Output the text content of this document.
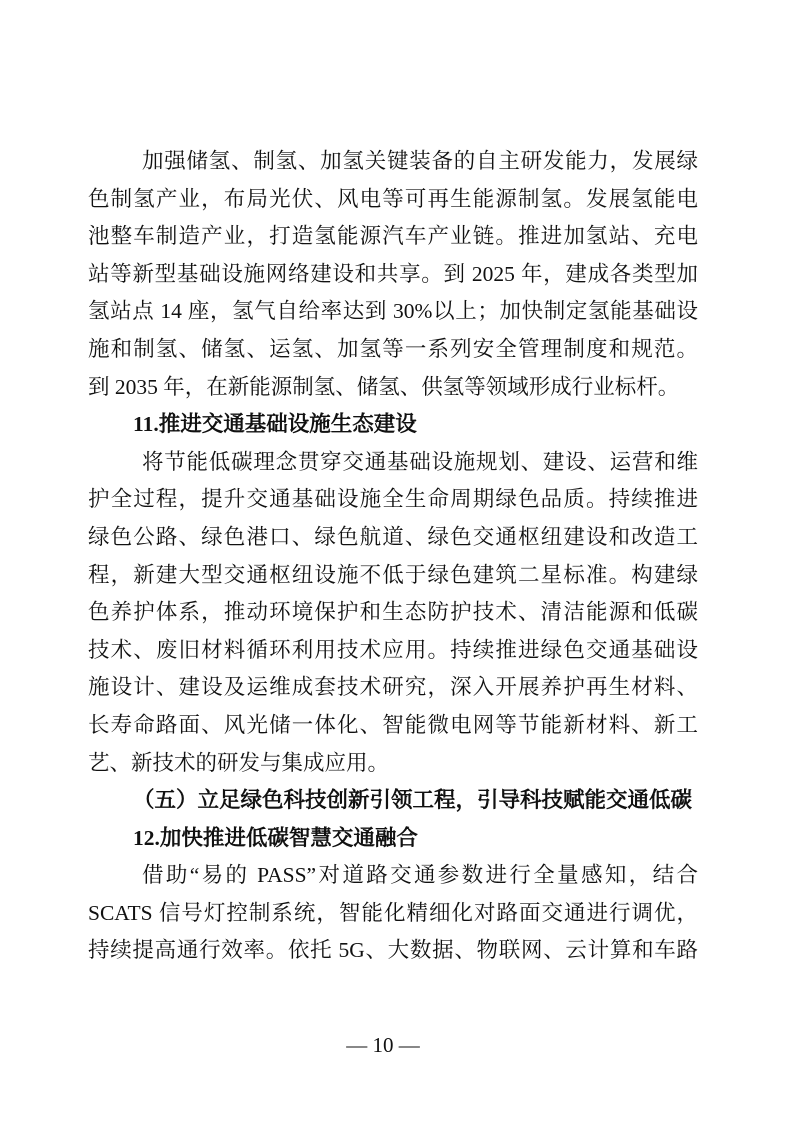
加强储氢、制氢、加氢关键装备的自主研发能力，发展绿
色制氢产业，布局光伏、风电等可再生能源制氢。发展氢能电
池整车制造产业，打造氢能源汽车产业链。推进加氢站、充电
站等新型基础设施网络建设和共享。到 2025 年，建成各类型加
氢站点 14 座，氢气自给率达到 30%以上；加快制定氢能基础设
施和制氢、储氢、运氢、加氢等一系列安全管理制度和规范。
到 2035 年，在新能源制氢、储氢、供氢等领域形成行业标杆。
11.推进交通基础设施生态建设
将节能低碳理念贯穿交通基础设施规划、建设、运营和维
护全过程，提升交通基础设施全生命周期绿色品质。持续推进
绿色公路、绿色港口、绿色航道、绿色交通枢纽建设和改造工
程，新建大型交通枢纽设施不低于绿色建筑二星标准。构建绿
色养护体系，推动环境保护和生态防护技术、清洁能源和低碳
技术、废旧材料循环利用技术应用。持续推进绿色交通基础设
施设计、建设及运维成套技术研究，深入开展养护再生材料、
长寿命路面、风光储一体化、智能微电网等节能新材料、新工
艺、新技术的研发与集成应用。
（五）立足绿色科技创新引领工程，引导科技赋能交通低碳
12.加快推进低碳智慧交通融合
借助“易的 PASS”对道路交通参数进行全量感知，结合
SCATS 信号灯控制系统，智能化精细化对路面交通进行调优，
持续提高通行效率。依托 5G、大数据、物联网、云计算和车路
— 10 —
